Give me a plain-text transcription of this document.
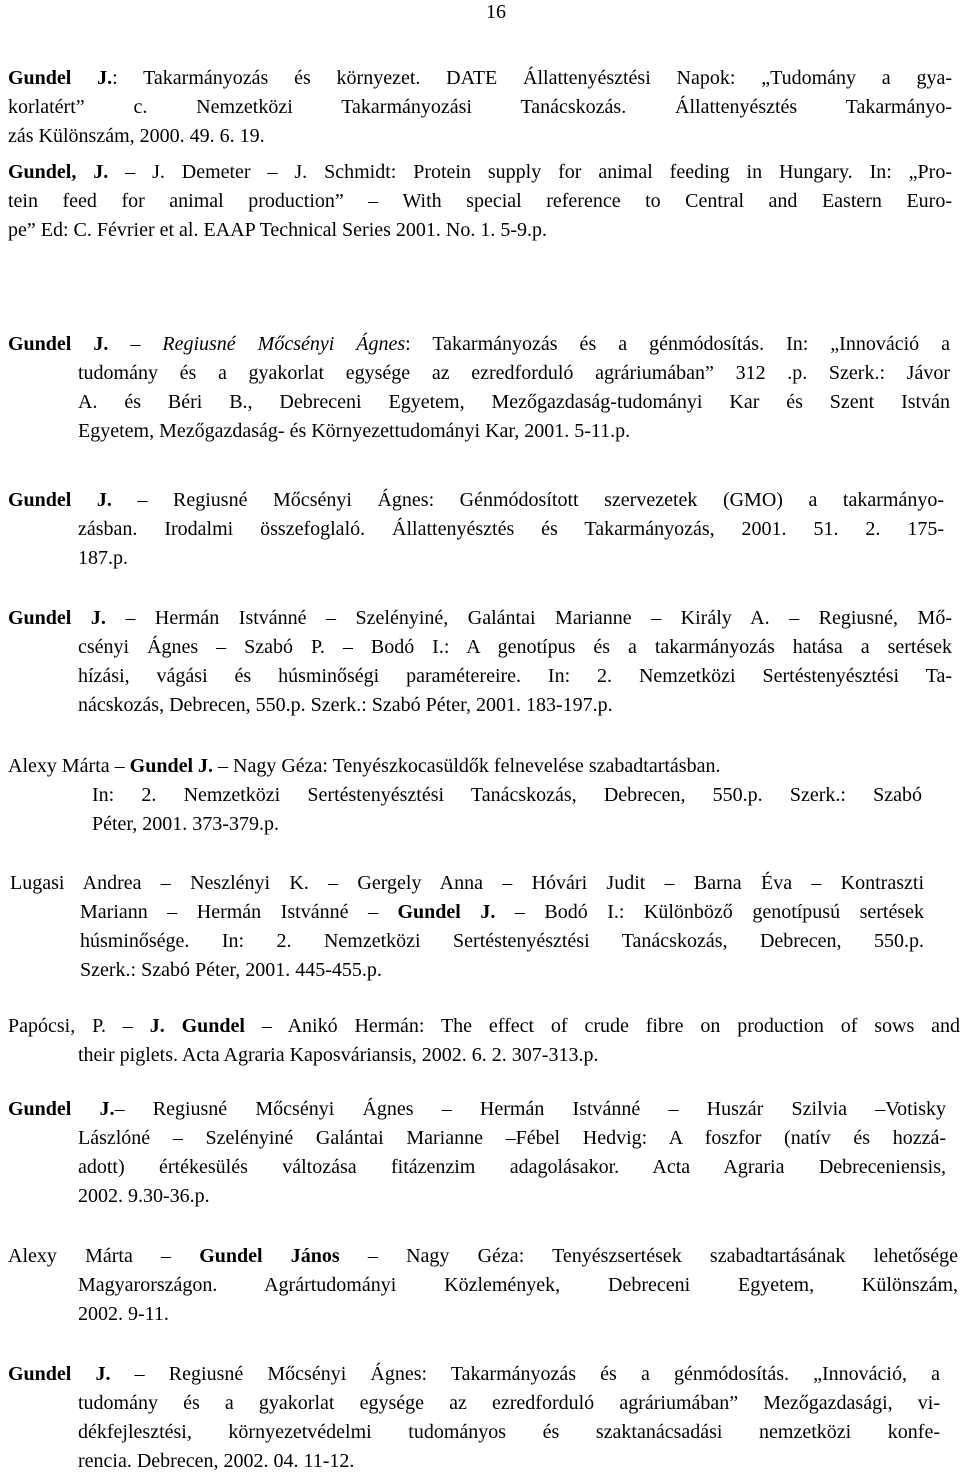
16
Gundel J.: Takarmányozás és környezet. DATE Állattenyésztési Napok: „Tudomány a gya-
korlatért” c. Nemzetközi Takarmányozási Tanácskozás. Állattenyésztés Takarmányo-
zás Különszám, 2000. 49. 6. 19.
Gundel, J. – J. Demeter – J. Schmidt: Protein supply for animal feeding in Hungary. In: „Pro-
tein feed for animal production” – With special reference to Central and Eastern Euro-
pe” Ed: C. Février et al. EAAP Technical Series 2001. No. 1. 5-9.p.
Gundel J. – Regiusné Mőcsényi Ágnes: Takarmányozás és a génmódosítás. In: „Innováció a
tudomány és a gyakorlat egysége az ezredforduló agráriumában” 312 .p. Szerk.: Jávor
A. és Béri B., Debreceni Egyetem, Mezőgazdaság-tudományi Kar és Szent István
Egyetem, Mezőgazdaság- és Környezettudományi Kar, 2001. 5-11.p.
Gundel J. – Regiusné Mőcsényi Ágnes: Génmódosított szervezetek (GMO) a takarmányo-
zásban. Irodalmi összefoglaló. Állattenyésztés és Takarmányozás, 2001. 51. 2. 175-
187.p.
Gundel J. – Hermán Istvánné – Szelényiné, Galántai Marianne – Király A. – Regiusné, Mő-
csényi Ágnes – Szabó P. – Bodó I.: A genotípus és a takarmányozás hatása a sertések
hízási, vágási és húsminőségi paramétereire. In: 2. Nemzetközi Sertéstenyésztési Ta-
nácskozás, Debrecen, 550.p. Szerk.: Szabó Péter, 2001. 183-197.p.
Alexy Márta – Gundel J. – Nagy Géza: Tenyészkocasüldők felnevelése szabadtartásban.
In: 2. Nemzetközi Sertéstenyésztési Tanácskozás, Debrecen, 550.p. Szerk.: Szabó
Péter, 2001. 373-379.p.
Lugasi Andrea – Neszlényi K. – Gergely Anna – Hóvári Judit – Barna Éva – Kontraszti
Mariann – Hermán Istvánné – Gundel J. – Bodó I.: Különböző genotípusú sertések
húsminősége. In: 2. Nemzetközi Sertéstenyésztési Tanácskozás, Debrecen, 550.p.
Szerk.: Szabó Péter, 2001. 445-455.p.
Papócsi, P. – J. Gundel – Anikó Hermán: The effect of crude fibre on production of sows and
their piglets. Acta Agraria Kaposváriansis, 2002. 6. 2. 307-313.p.
Gundel J.– Regiusné Mőcsényi Ágnes – Hermán Istvánné – Huszár Szilvia –Votisky
Lászlóné – Szelényiné Galántai Marianne –Fébel Hedvig: A foszfor (natív és hozzá-
adott) értékesülés változása fitázenzim adagolásakor. Acta Agraria Debreceniensis,
2002. 9.30-36.p.
Alexy Márta – Gundel János – Nagy Géza: Tenyészsertések szabadtartásának lehetősége
Magyarországon. Agrártudományi Közlemények, Debreceni Egyetem, Különszám,
2002. 9-11.
Gundel J. – Regiusné Mőcsényi Ágnes: Takarmányozás és a génmódosítás. „Innováció, a
tudomány és a gyakorlat egysége az ezredforduló agráriumában” Mezőgazdasági, vi-
dékfejlesztési, környezetvédelmi tudományos és szaktanácsadási nemzetközi konfe-
rencia. Debrecen, 2002. 04. 11-12.
